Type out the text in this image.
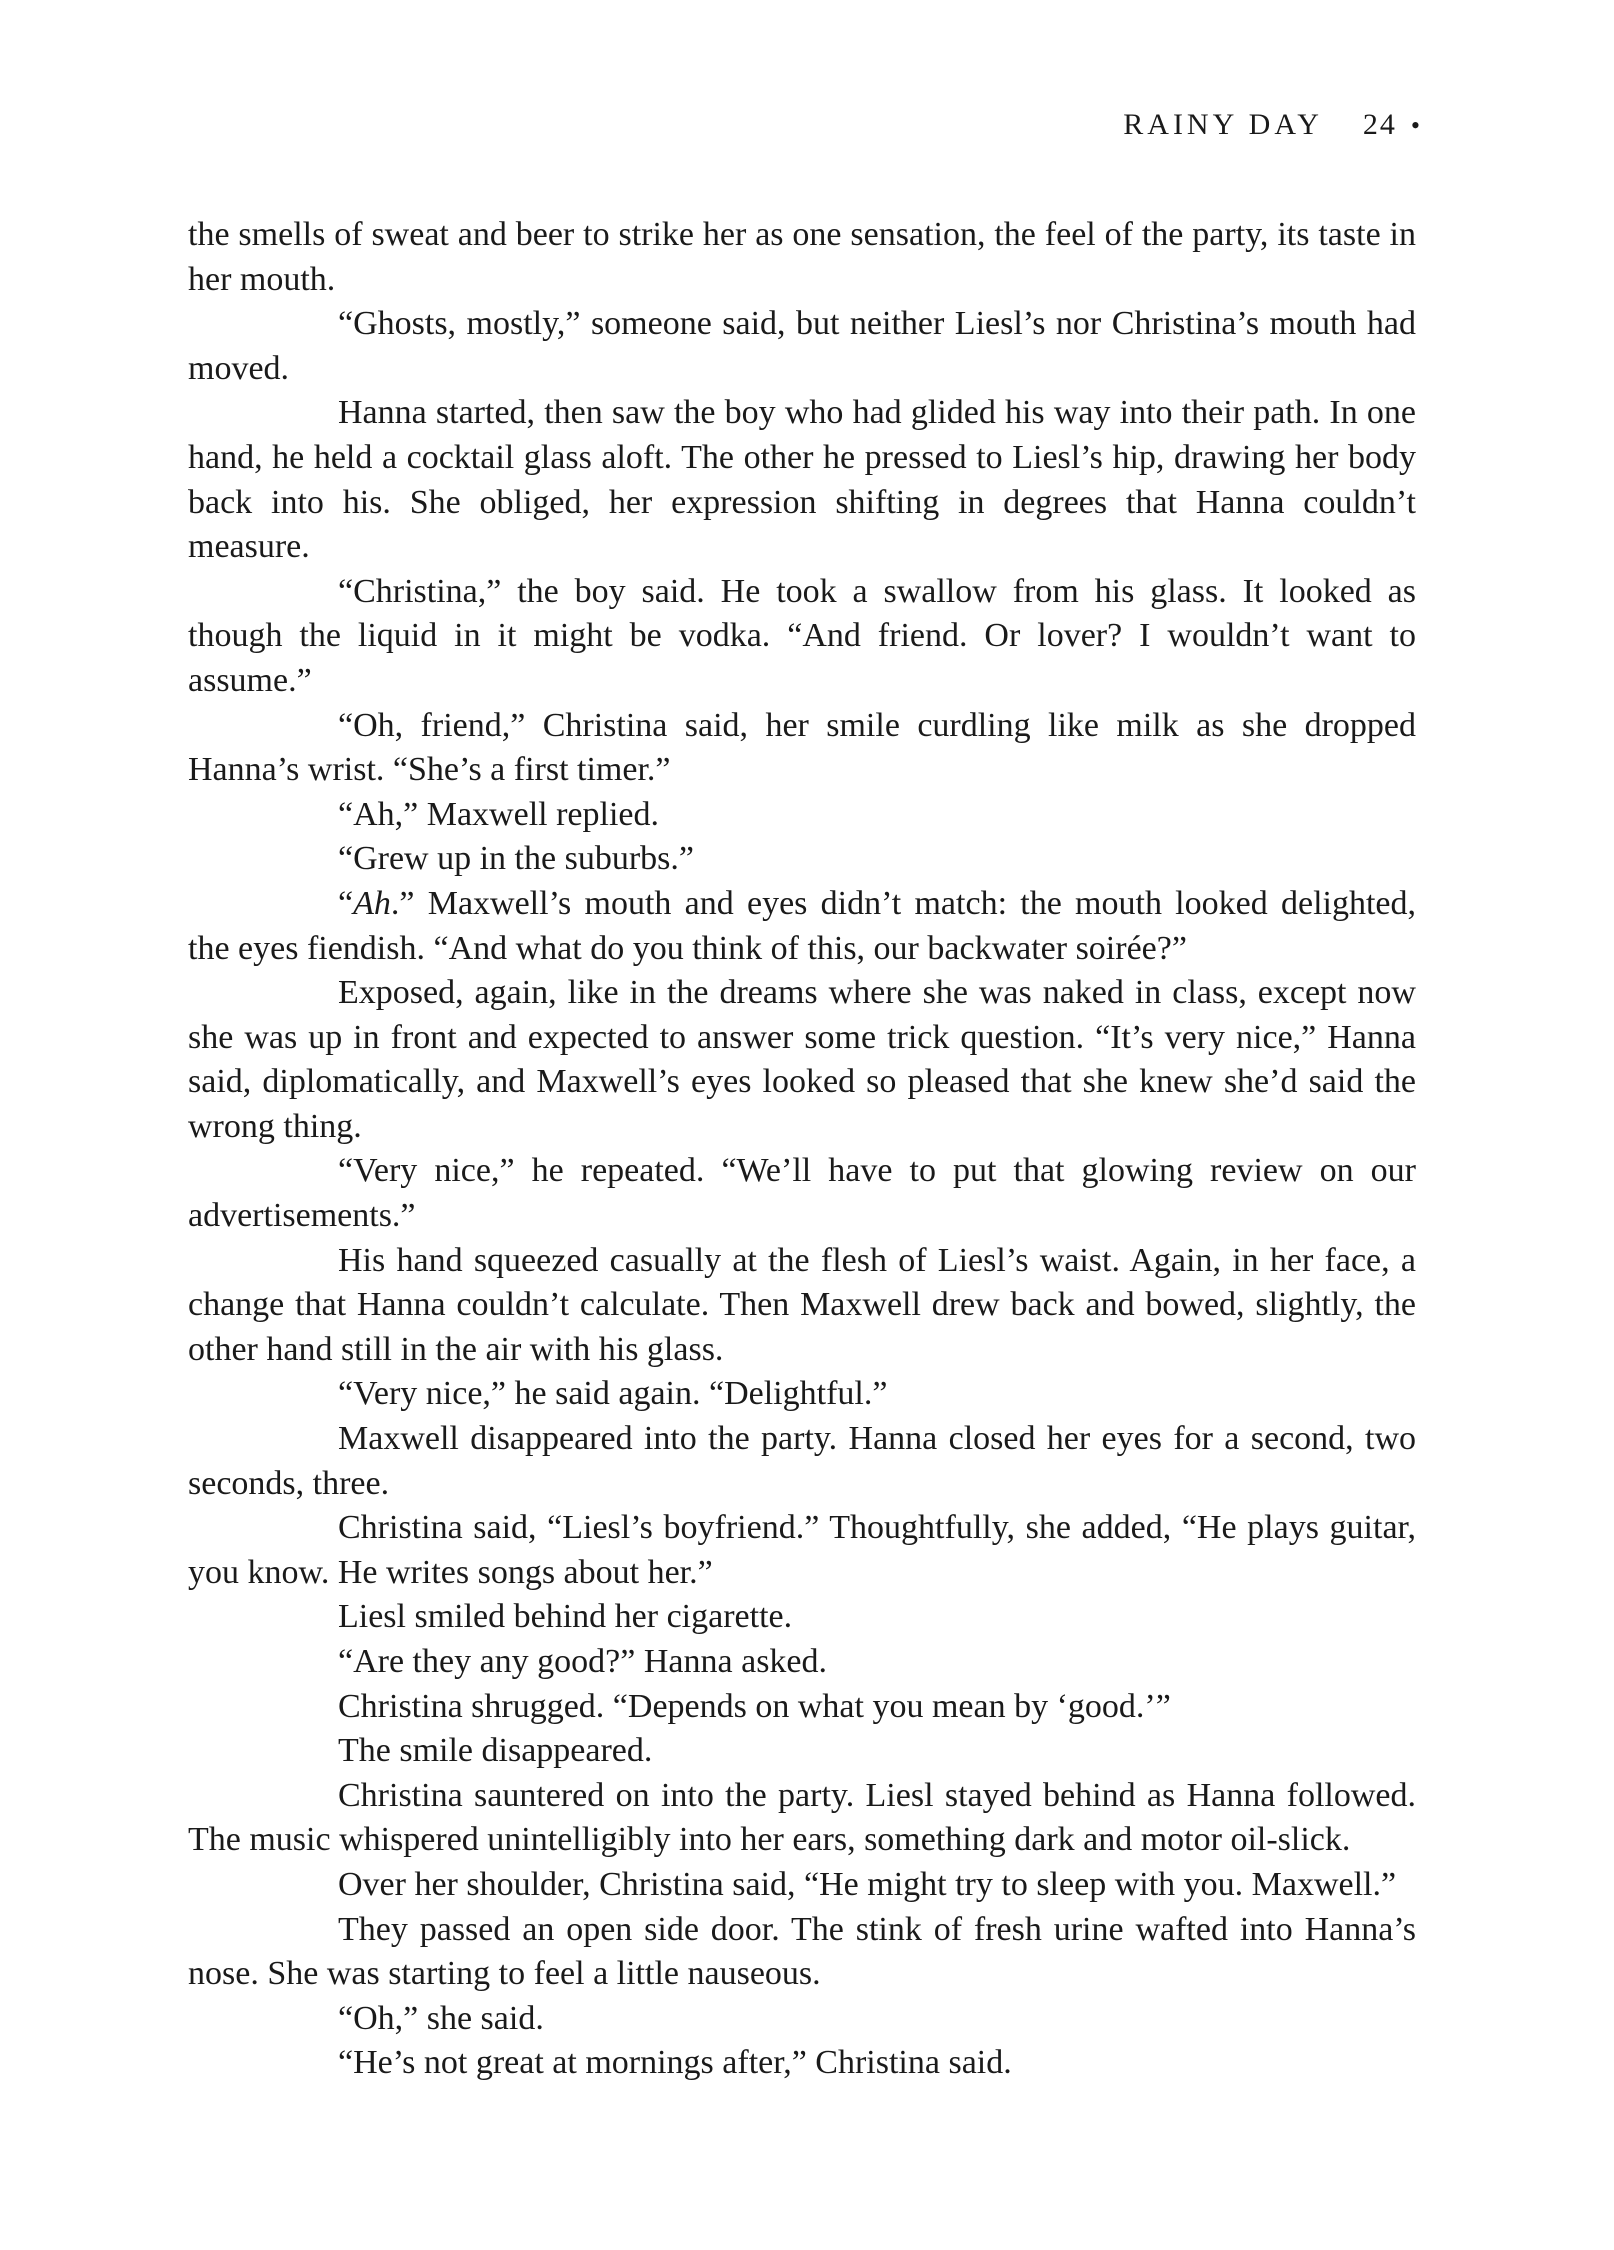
RAINY DAY 24 •

the smells of sweat and beer to strike her as one sensation, the feel of the party, its taste in her mouth.

“Ghosts, mostly,” someone said, but neither Liesl’s nor Christina’s mouth had moved.

Hanna started, then saw the boy who had glided his way into their path. In one hand, he held a cocktail glass aloft. The other he pressed to Liesl’s hip, drawing her body back into his. She obliged, her expression shifting in degrees that Hanna couldn’t measure.

“Christina,” the boy said. He took a swallow from his glass. It looked as though the liquid in it might be vodka. “And friend. Or lover? I wouldn’t want to assume.”

“Oh, friend,” Christina said, her smile curdling like milk as she dropped Hanna’s wrist. “She’s a first timer.”

“Ah,” Maxwell replied.

“Grew up in the suburbs.”

“Ah.” Maxwell’s mouth and eyes didn’t match: the mouth looked delighted, the eyes fiendish. “And what do you think of this, our backwater soirée?”

Exposed, again, like in the dreams where she was naked in class, except now she was up in front and expected to answer some trick question. “It’s very nice,” Hanna said, diplomatically, and Maxwell’s eyes looked so pleased that she knew she’d said the wrong thing.

“Very nice,” he repeated. “We’ll have to put that glowing review on our advertisements.”

His hand squeezed casually at the flesh of Liesl’s waist. Again, in her face, a change that Hanna couldn’t calculate. Then Maxwell drew back and bowed, slightly, the other hand still in the air with his glass.

“Very nice,” he said again. “Delightful.”

Maxwell disappeared into the party. Hanna closed her eyes for a second, two seconds, three.

Christina said, “Liesl’s boyfriend.” Thoughtfully, she added, “He plays guitar, you know. He writes songs about her.”

Liesl smiled behind her cigarette.

“Are they any good?” Hanna asked.

Christina shrugged. “Depends on what you mean by ‘good.’”

The smile disappeared.

Christina sauntered on into the party. Liesl stayed behind as Hanna followed. The music whispered unintelligibly into her ears, something dark and motor oil-slick.

Over her shoulder, Christina said, “He might try to sleep with you. Maxwell.”

They passed an open side door. The stink of fresh urine wafted into Hanna’s nose. She was starting to feel a little nauseous.

“Oh,” she said.

“He’s not great at mornings after,” Christina said.
